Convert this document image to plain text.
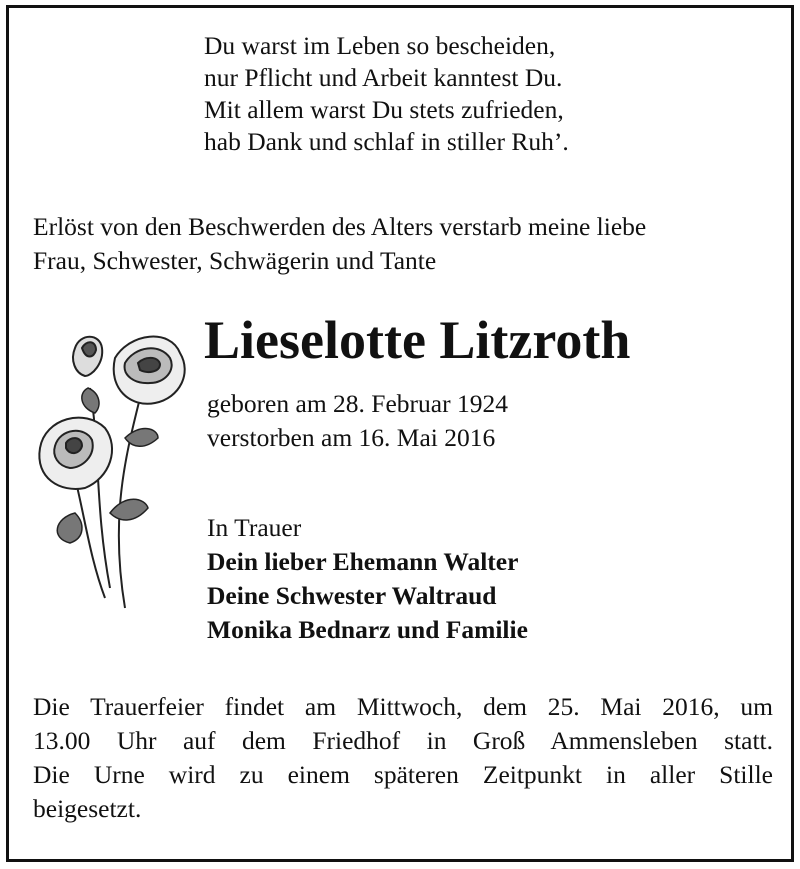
Du warst im Leben so bescheiden,
nur Pflicht und Arbeit kanntest Du.
Mit allem warst Du stets zufrieden,
hab Dank und schlaf in stiller Ruh’.
Erlöst von den Beschwerden des Alters verstarb meine liebe
Frau, Schwester, Schwägerin und Tante
Lieselotte Litzroth
geboren am 28. Februar 1924
verstorben am 16. Mai 2016
In Trauer
Dein lieber Ehemann Walter
Deine Schwester Waltraud
Monika Bednarz und Familie
Die Trauerfeier findet am Mittwoch, dem 25. Mai 2016, um
13.00 Uhr auf dem Friedhof in Groß Ammensleben statt.
Die Urne wird zu einem späteren Zeitpunkt in aller Stille
beigesetzt.
